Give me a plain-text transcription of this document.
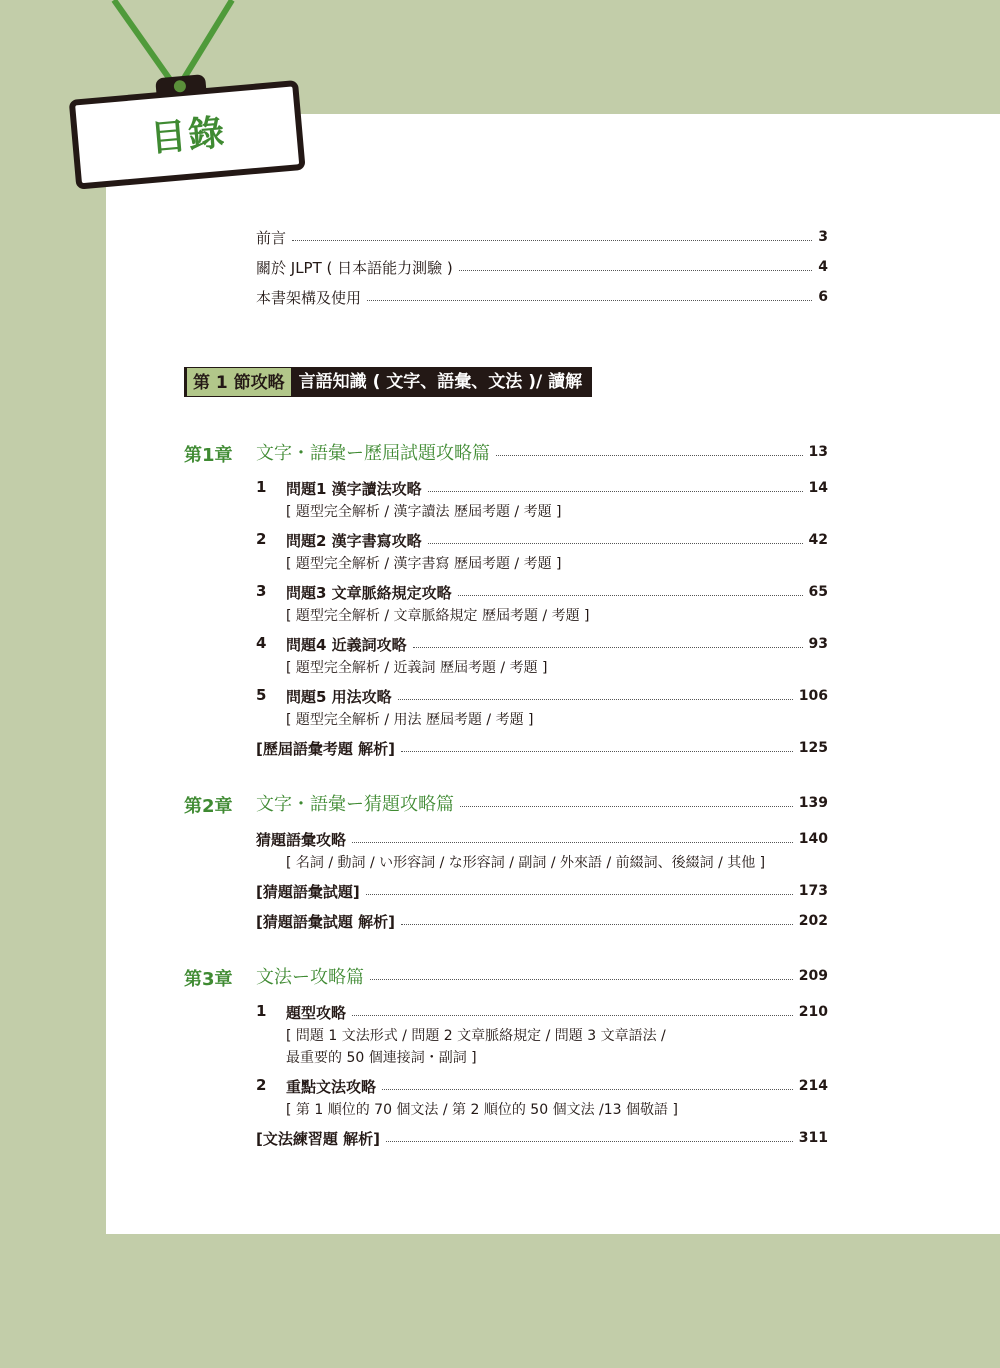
目錄
前言	3
關於 JLPT ( 日本語能力測驗 )	4
本書架構及使用	6
第 1 節攻略 言語知識 ( 文字、語彙、文法 )/ 讀解
第1章 文字・語彙ー歷屆試題攻略篇	13
1 問題1 漢字讀法攻略	14
[ 題型完全解析 / 漢字讀法 歷屆考題 / 考題 ]
2 問題2 漢字書寫攻略	42
[ 題型完全解析 / 漢字書寫 歷屆考題 / 考題 ]
3 問題3 文章脈絡規定攻略	65
[ 題型完全解析 / 文章脈絡規定 歷屆考題 / 考題 ]
4 問題4 近義詞攻略	93
[ 題型完全解析 / 近義詞 歷屆考題 / 考題 ]
5 問題5 用法攻略	106
[ 題型完全解析 / 用法 歷屆考題 / 考題 ]
[歷屆語彙考題 解析]	125
第2章 文字・語彙ー猜題攻略篇	139
猜題語彙攻略	140
[ 名詞 / 動詞 / い形容詞 / な形容詞 / 副詞 / 外來語 / 前綴詞、後綴詞 / 其他 ]
[猜題語彙試題]	173
[猜題語彙試題 解析]	202
第3章 文法ー攻略篇	209
1 題型攻略	210
[ 問題 1 文法形式 / 問題 2 文章脈絡規定 / 問題 3 文章語法 /
最重要的 50 個連接詞・副詞 ]
2 重點文法攻略	214
[ 第 1 順位的 70 個文法 / 第 2 順位的 50 個文法 /13 個敬語 ]
[文法練習題 解析]	311
